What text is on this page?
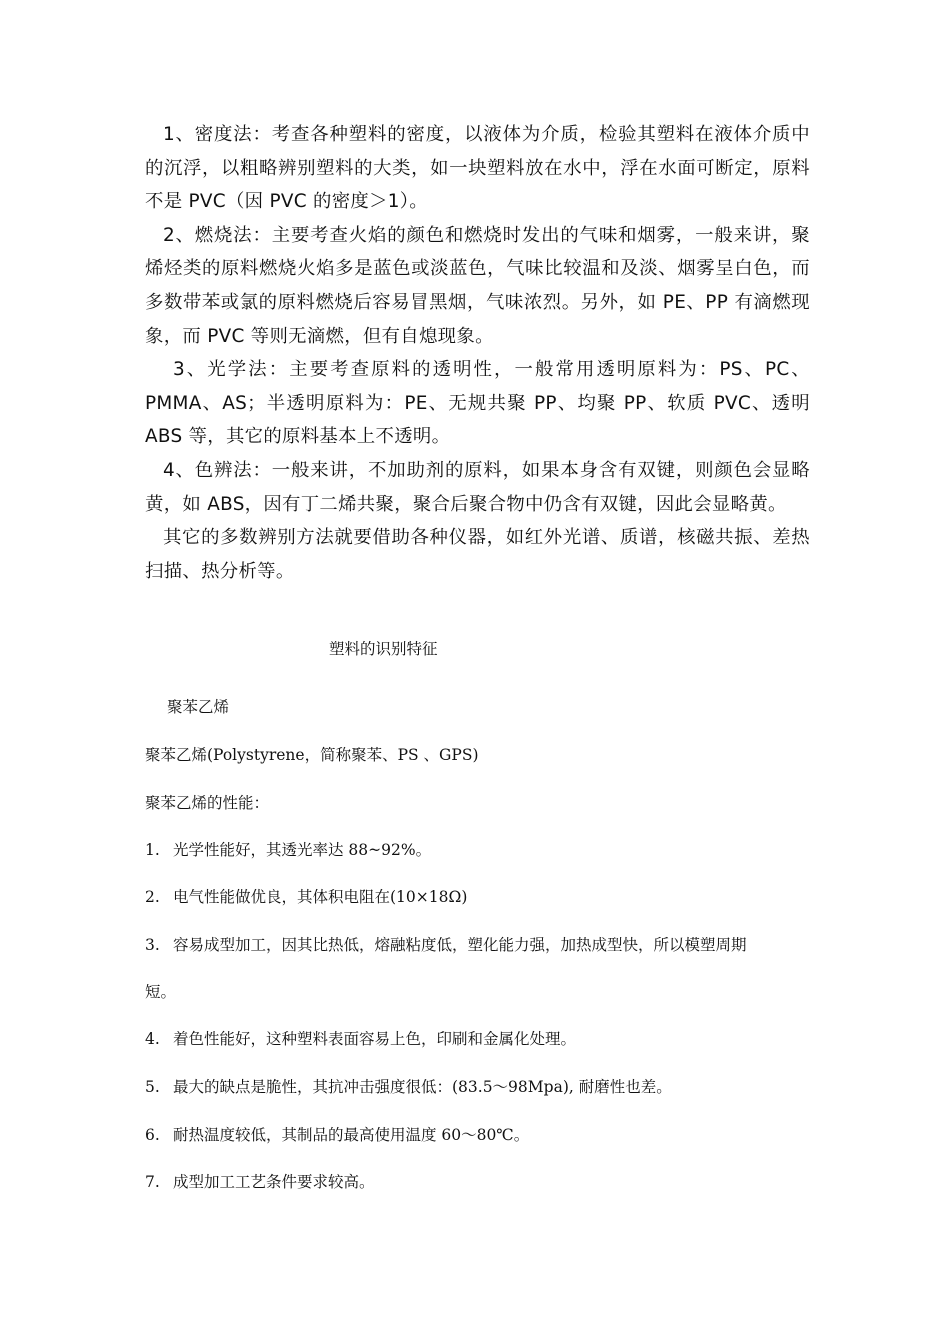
1、密度法：考查各种塑料的密度，以液体为介质，检验其塑料在液体介质中的沉浮，以粗略辨别塑料的大类，如一块塑料放在水中，浮在水面可断定，原料不是 PVC（因 PVC 的密度＞1）。

2、燃烧法：主要考查火焰的颜色和燃烧时发出的气味和烟雾，一般来讲，聚烯烃类的原料燃烧火焰多是蓝色或淡蓝色，气味比较温和及淡、烟雾呈白色，而多数带苯或氯的原料燃烧后容易冒黑烟，气味浓烈。另外，如 PE、PP 有滴燃现象，而 PVC 等则无滴燃，但有自熄现象。

3、光学法：主要考查原料的透明性，一般常用透明原料为：PS、PC、PMMA、AS；半透明原料为：PE、无规共聚 PP、均聚 PP、软质 PVC、透明 ABS 等，其它的原料基本上不透明。

4、色辨法：一般来讲，不加助剂的原料，如果本身含有双键，则颜色会显略黄，如 ABS，因有丁二烯共聚，聚合后聚合物中仍含有双键，因此会显略黄。

其它的多数辨别方法就要借助各种仪器，如红外光谱、质谱，核磁共振、差热扫描、热分析等。

塑料的识别特征
聚苯乙烯
聚苯乙烯(Polystyrene，简称聚苯、PS 、GPS)
聚苯乙烯的性能：
1. 光学性能好，其透光率达 88~92%。
2. 电气性能做优良，其体积电阻在(10×18Ω)
3. 容易成型加工，因其比热低，熔融粘度低，塑化能力强，加热成型快，所以模塑周期
短。
4. 着色性能好，这种塑料表面容易上色，印刷和金属化处理。
5. 最大的缺点是脆性，其抗冲击强度很低：(83.5～98Mpa), 耐磨性也差。
6. 耐热温度较低，其制品的最高使用温度 60～80℃。
7. 成型加工工艺条件要求较高。
